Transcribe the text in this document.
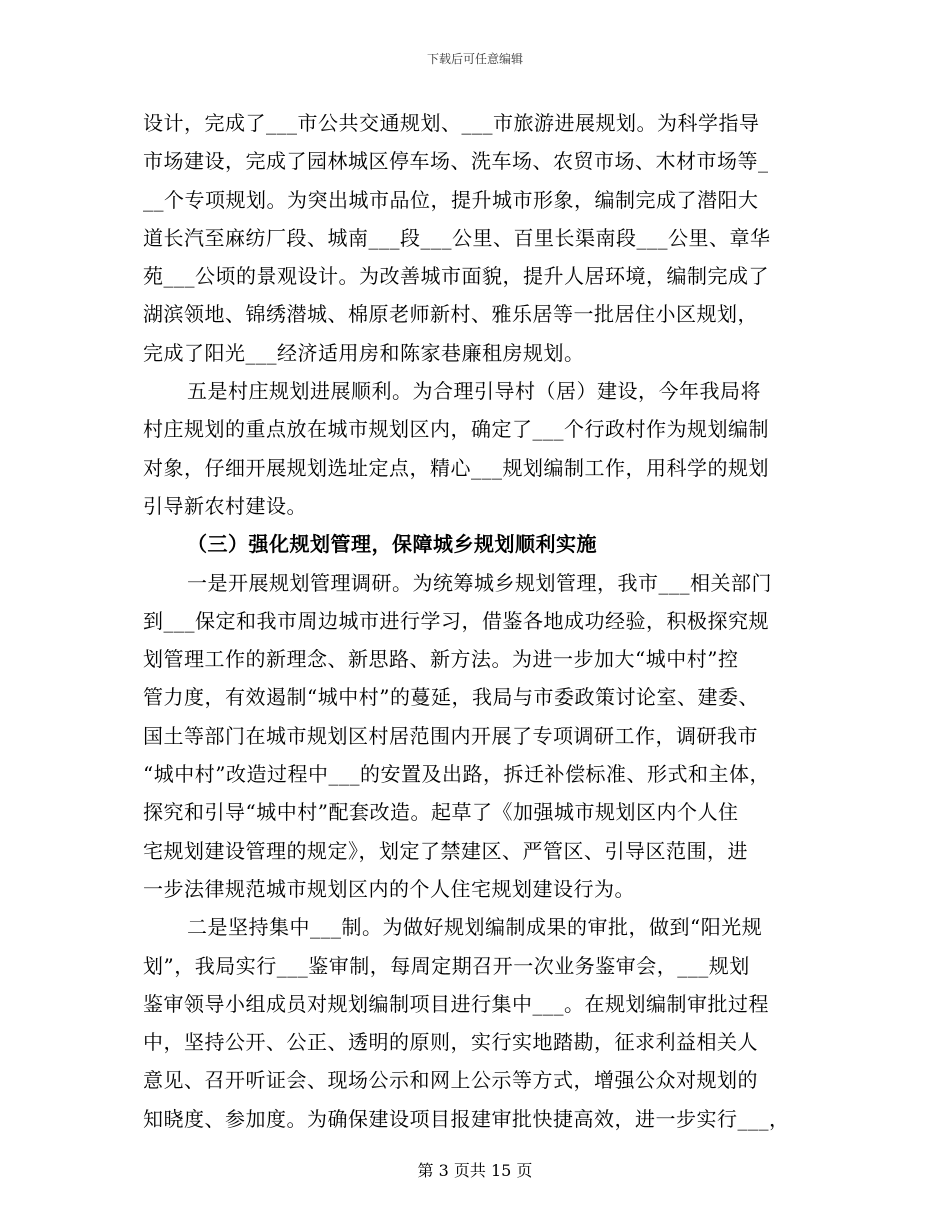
下载后可任意编辑
设计，完成了___市公共交通规划、___市旅游进展规划。为科学指导
市场建设，完成了园林城区停车场、洗车场、农贸市场、木材市场等_
__个专项规划。为突出城市品位，提升城市形象，编制完成了潜阳大
道长汽至麻纺厂段、城南___段___公里、百里长渠南段___公里、章华
苑___公顷的景观设计。为改善城市面貌，提升人居环境，编制完成了
湖滨领地、锦绣潜城、棉原老师新村、雅乐居等一批居住小区规划，
完成了阳光___经济适用房和陈家巷廉租房规划。
五是村庄规划进展顺利。为合理引导村（居）建设，今年我局将
村庄规划的重点放在城市规划区内，确定了___个行政村作为规划编制
对象，仔细开展规划选址定点，精心___规划编制工作，用科学的规划
引导新农村建设。
（三）强化规划管理，保障城乡规划顺利实施
一是开展规划管理调研。为统筹城乡规划管理，我市___相关部门
到___保定和我市周边城市进行学习，借鉴各地成功经验，积极探究规
划管理工作的新理念、新思路、新方法。为进一步加大“城中村”控
管力度，有效遏制“城中村”的蔓延，我局与市委政策讨论室、建委、
国土等部门在城市规划区村居范围内开展了专项调研工作，调研我市
“城中村”改造过程中___的安置及出路，拆迁补偿标准、形式和主体，
探究和引导“城中村”配套改造。起草了《加强城市规划区内个人住
宅规划建设管理的规定》，划定了禁建区、严管区、引导区范围，进
一步法律规范城市规划区内的个人住宅规划建设行为。
二是坚持集中___制。为做好规划编制成果的审批，做到“阳光规
划”，我局实行___鉴审制，每周定期召开一次业务鉴审会，___规划
鉴审领导小组成员对规划编制项目进行集中___。在规划编制审批过程
中，坚持公开、公正、透明的原则，实行实地踏勘，征求利益相关人
意见、召开听证会、现场公示和网上公示等方式，增强公众对规划的
知晓度、参加度。为确保建设项目报建审批快捷高效，进一步实行___，
第 3 页共 15 页
